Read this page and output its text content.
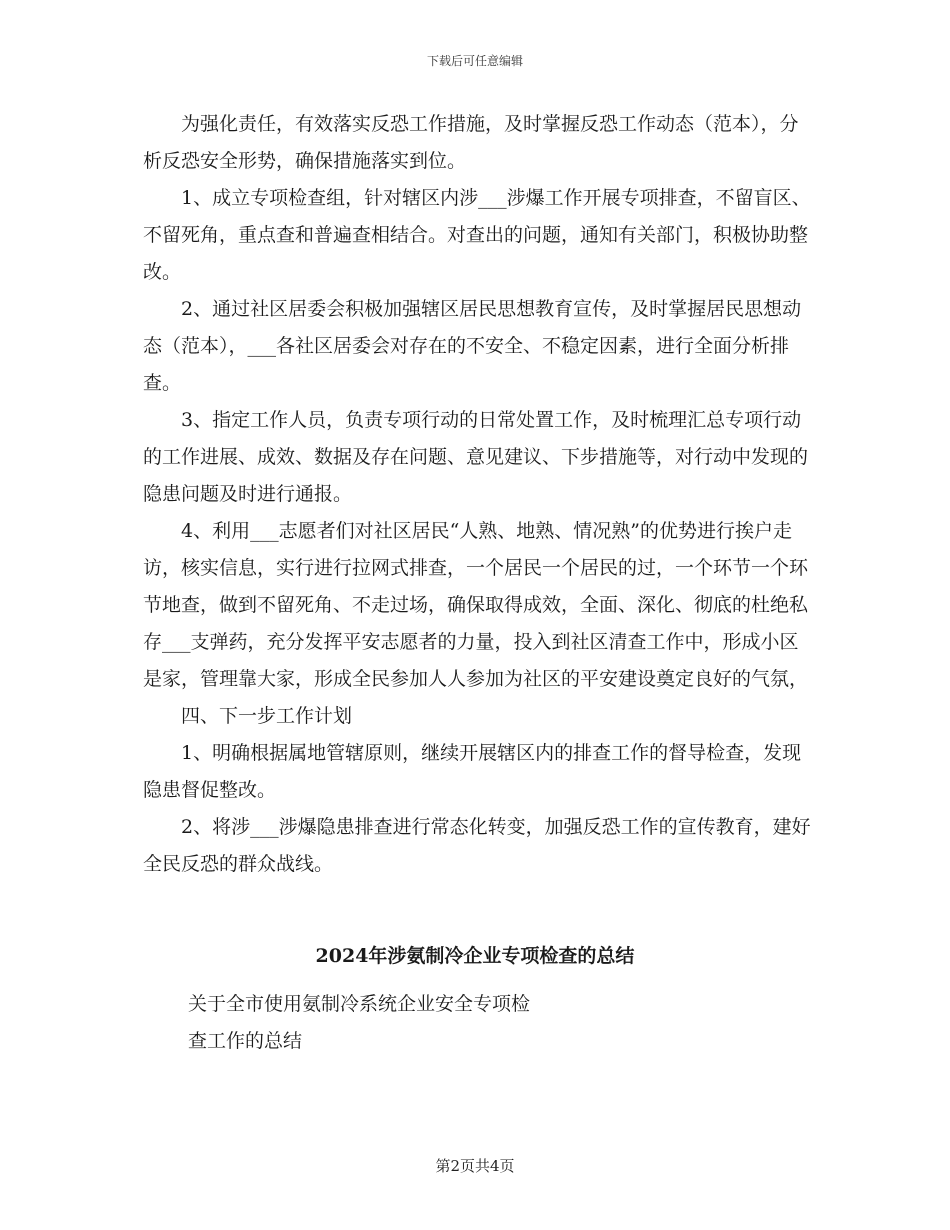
下载后可任意编辑

为强化责任，有效落实反恐工作措施，及时掌握反恐工作动态（范本），分析反恐安全形势，确保措施落实到位。

1、成立专项检查组，针对辖区内涉___涉爆工作开展专项排查，不留盲区、不留死角，重点查和普遍查相结合。对查出的问题，通知有关部门，积极协助整改。

2、通过社区居委会积极加强辖区居民思想教育宣传，及时掌握居民思想动态（范本），___各社区居委会对存在的不安全、不稳定因素，进行全面分析排查。

3、指定工作人员，负责专项行动的日常处置工作，及时梳理汇总专项行动的工作进展、成效、数据及存在问题、意见建议、下步措施等，对行动中发现的隐患问题及时进行通报。

4、利用___志愿者们对社区居民“人熟、地熟、情况熟”的优势进行挨户走访，核实信息，实行进行拉网式排查，一个居民一个居民的过，一个环节一个环节地查，做到不留死角、不走过场，确保取得成效，全面、深化、彻底的杜绝私存___支弹药，充分发挥平安志愿者的力量，投入到社区清查工作中，形成小区是家，管理靠大家，形成全民参加人人参加为社区的平安建设奠定良好的气氛，

四、下一步工作计划

1、明确根据属地管辖原则，继续开展辖区内的排查工作的督导检查，发现隐患督促整改。

2、将涉___涉爆隐患排查进行常态化转变，加强反恐工作的宣传教育，建好全民反恐的群众战线。

2024年涉氨制冷企业专项检查的总结

关于全市使用氨制冷系统企业安全专项检

查工作的总结

第2页共4页
